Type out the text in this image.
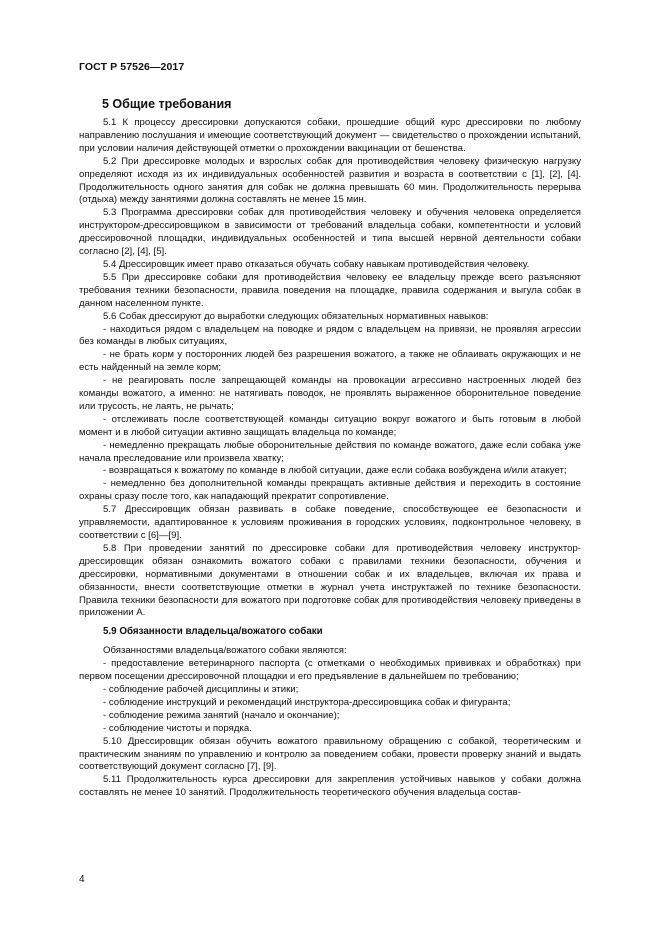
ГОСТ Р 57526—2017
5 Общие требования

5.1 К процессу дрессировки допускаются собаки, прошедшие общий курс дрессировки по любому направлению послушания и имеющие соответствующий документ — свидетельство о прохождении испытаний, при условии наличия действующей отметки о прохождении вакцинации от бешенства.

5.2 При дрессировке молодых и взрослых собак для противодействия человеку физическую нагрузку определяют исходя из их индивидуальных особенностей развития и возраста в соответствии с [1], [2], [4]. Продолжительность одного занятия для собак не должна превышать 60 мин. Продолжительность перерыва (отдыха) между занятиями должна составлять не менее 15 мин.

5.3 Программа дрессировки собак для противодействия человеку и обучения человека определяется инструктором-дрессировщиком в зависимости от требований владельца собаки, компетентности и условий дрессировочной площадки, индивидуальных особенностей и типа высшей нервной деятельности собаки согласно [2], [4], [5].

5.4 Дрессировщик имеет право отказаться обучать собаку навыкам противодействия человеку.

5.5 При дрессировке собаки для противодействия человеку ее владельцу прежде всего разъясняют требования техники безопасности, правила поведения на площадке, правила содержания и выгула собак в данном населенном пункте.

5.6 Собак дрессируют до выработки следующих обязательных нормативных навыков:

- находиться рядом с владельцем на поводке и рядом с владельцем на привязи, не проявляя агрессии без команды в любых ситуациях,

- не брать корм у посторонних людей без разрешения вожатого, а также не облаивать окружающих и не есть найденный на земле корм;

- не реагировать после запрещающей команды на провокации агрессивно настроенных людей без команды вожатого, а именно: не натягивать поводок, не проявлять выраженное оборонительное поведение или трусость, не лаять, не рычать;

- отслеживать после соответствующей команды ситуацию вокруг вожатого и быть готовым в любой момент и в любой ситуации активно защищать владельца по команде;

- немедленно прекращать любые оборонительные действия по команде вожатого, даже если собака уже начала преследование или произвела хватку;

- возвращаться к вожатому по команде в любой ситуации, даже если собака возбуждена и/или атакует;

- немедленно без дополнительной команды прекращать активные действия и переходить в состояние охраны сразу после того, как нападающий прекратит сопротивление.

5.7 Дрессировщик обязан развивать в собаке поведение, способствующее ее безопасности и управляемости, адаптированное к условиям проживания в городских условиях, подконтрольное человеку, в соответствии с [6]—[9].

5.8 При проведении занятий по дрессировке собаки для противодействия человеку инструктор-дрессировщик обязан ознакомить вожатого собаки с правилами техники безопасности, обучения и дрессировки, нормативными документами в отношении собак и их владельцев, включая их права и обязанности, внести соответствующие отметки в журнал учета инструктажей по технике безопасности. Правила техники безопасности для вожатого при подготовке собак для противодействия человеку приведены в приложении А.

5.9 Обязанности владельца/вожатого собаки

Обязанностями владельца/вожатого собаки являются:

- предоставление ветеринарного паспорта (с отметками о необходимых прививках и обработках) при первом посещении дрессировочной площадки и его предъявление в дальнейшем по требованию;

- соблюдение рабочей дисциплины и этики;

- соблюдение инструкций и рекомендаций инструктора-дрессировщика собак и фигуранта;

- соблюдение режима занятий (начало и окончание);

- соблюдение чистоты и порядка.

5.10 Дрессировщик обязан обучить вожатого правильному обращению с собакой, теоретическим и практическим знаниям по управлению и контролю за поведением собаки, провести проверку знаний и выдать соответствующий документ согласно [7], [9].

5.11 Продолжительность курса дрессировки для закрепления устойчивых навыков у собаки должна составлять не менее 10 занятий. Продолжительность теоретического обучения владельца состав-

4
